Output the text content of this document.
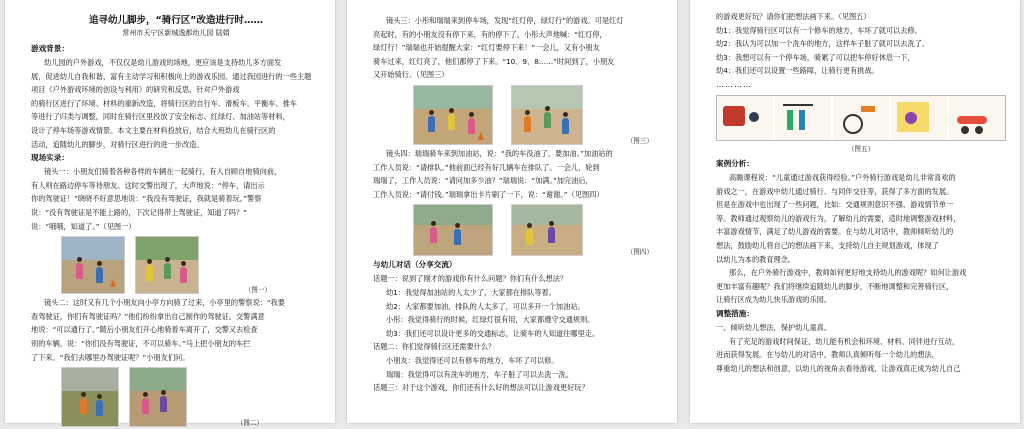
追寻幼儿脚步，“骑行区”改造进行时……
常州市天宁区新城逸都幼儿园 陆娟

游戏背景：

幼儿园的户外游戏，不仅仅是幼儿游戏的场地，更应该是支持幼儿多方面发

展，促进幼儿自我和谐、富有主动学习和积极向上的游戏乐园。通过我园进行的一些主题

项目《户外游戏环境的创设与利用》的研究和反思，针对户外游戏

的骑行区进行了环境、材料的重新改造，将骑行区的自行车、滑板车、平衡车、推车

等进行了归类与调整，同时在骑行区里投放了安全标志、红绿灯、加油站等材料，

设计了停车场等游戏情景。本文主要在材料投放后，结合大班幼儿在骑行区的

活动，追随幼儿的脚步，对骑行区进行的进一步改造。

现场实录：

镜头一：小朋友们骑着各种各样的车辆在一起骑行，有人自顾自地骑向前，

有人则在路边停车等待朋友。这时交警出现了，大声地说：“停车，请出示

你的驾驶证！”晓晓不好意思地说：“我没有驾驶证，我就是骑着玩。”警察

说：“没有驾驶证是不能上路的，下次记得带上驾驶证，知道了吗？”

说：“哦哦，知道了。”（见图一）

（图一）

镜头二：这时又有几个小朋友向小亭方向骑了过来，小亭里的警察说：“我要

查驾驶证，你们有驾驶证吗？”他们纷纷拿出自己制作的驾驶证。交警满意

地说：“可以通行了。”随后小朋友们开心地骑着车离开了，交警又去检查

别的车辆，说：“你们没有驾驶证，不可以骑车。”马上把小朋友的车拦

了下来。“我们去哪里办驾驶证呢？”小朋友们问。

（图二）

镜头三：小彤和瑞瑞来到停车场，发现“红灯停，绿灯行”的游戏。可是红灯

亮起时，有的小朋友没有停下来，有的停下了。小彤大声地喊：“红灯停，

绿灯行！”瑞瑞也开始提醒大家：“红灯要停下来！”一会儿，又有小朋友

骑车过来，红灯亮了，他们都停了下来。“10、9、8……”时间到了，小朋友

又开始骑行。（见图三）

（图三）

镜头四：瑞瑞骑车来到加油站，说：“我的车没油了，要加油。”加油站的

工作人员说：“请排队。”他前面已经有好几辆车在排队了。一会儿，轮到

瑞瑞了，工作人员说：“请问加多少油？”瑞瑞说：“加满。”加完油后，

工作人员说：“请付钱。”瑞瑞拿出卡片刷了一下，说：“谢谢。”（见图四）

（图四）

与幼儿对话（分享交流）

话题一：说到了刚才的游戏你有什么问题？你们有什么想法？

幼1：我觉得加油站的人太少了，大家都在排队等着。

幼2：大家都要加油，排队的人太多了，可以多开一个加油站。

小彤：我觉得骑行的时候，红绿灯很有用，大家都遵守交通规则。

幼3：我们还可以设计更多的交通标志，让骑车的人知道往哪里走。

话题二：你们觉得骑行区还需要什么？

小朋友：我觉得还可以有修车的地方，车坏了可以修。

瑞瑞：我觉得可以有洗车的地方，车子脏了可以去洗一洗。

话题三：对于这个游戏，你们还有什么好的想法可以让游戏更好玩？

的游戏更好玩？请你们把想法画下来。（见图五）

幼1：我觉得骑行区可以有一个修车的地方，车坏了就可以去修。

幼2：我认为可以加一个洗车的地方，这样车子脏了就可以去洗了。

幼3：我想可以有一个停车场，骑累了可以把车停好休息一下，

幼4：我们还可以设置一些路障，让骑行更有挑战。

…………
（图五）

案例分析：

高瞻课程说：“儿童通过游戏获得经验。”户外骑行游戏是幼儿非常喜欢的

游戏之一，在游戏中幼儿通过骑行、与同伴交往等，获得了多方面的发展。

但是在游戏中也出现了一些问题，比如：交通规则意识不强、游戏情节单一

等。教师通过观察幼儿的游戏行为，了解幼儿的需要，适时地调整游戏材料，

丰富游戏情节，满足了幼儿游戏的需要。在与幼儿对话中，教师倾听幼儿的

想法，鼓励幼儿将自己的想法画下来，支持幼儿自主规划游戏，体现了

以幼儿为本的教育理念。

那么，在户外骑行游戏中，教师如何更好地支持幼儿的游戏呢？如何让游戏

更加丰富有趣呢？我们将继续追随幼儿的脚步，不断地调整和完善骑行区，

让骑行区成为幼儿快乐游戏的乐园。

调整措施：

一、倾听幼儿想法，保护幼儿童真。

有了充足的游戏时间保证，幼儿能有机会和环境、材料、同伴进行互动，

进而获得发展。在与幼儿的对话中，教师认真倾听每一个幼儿的想法，

尊重幼儿的想法和创意，以幼儿的视角去看待游戏，让游戏真正成为幼儿自己
